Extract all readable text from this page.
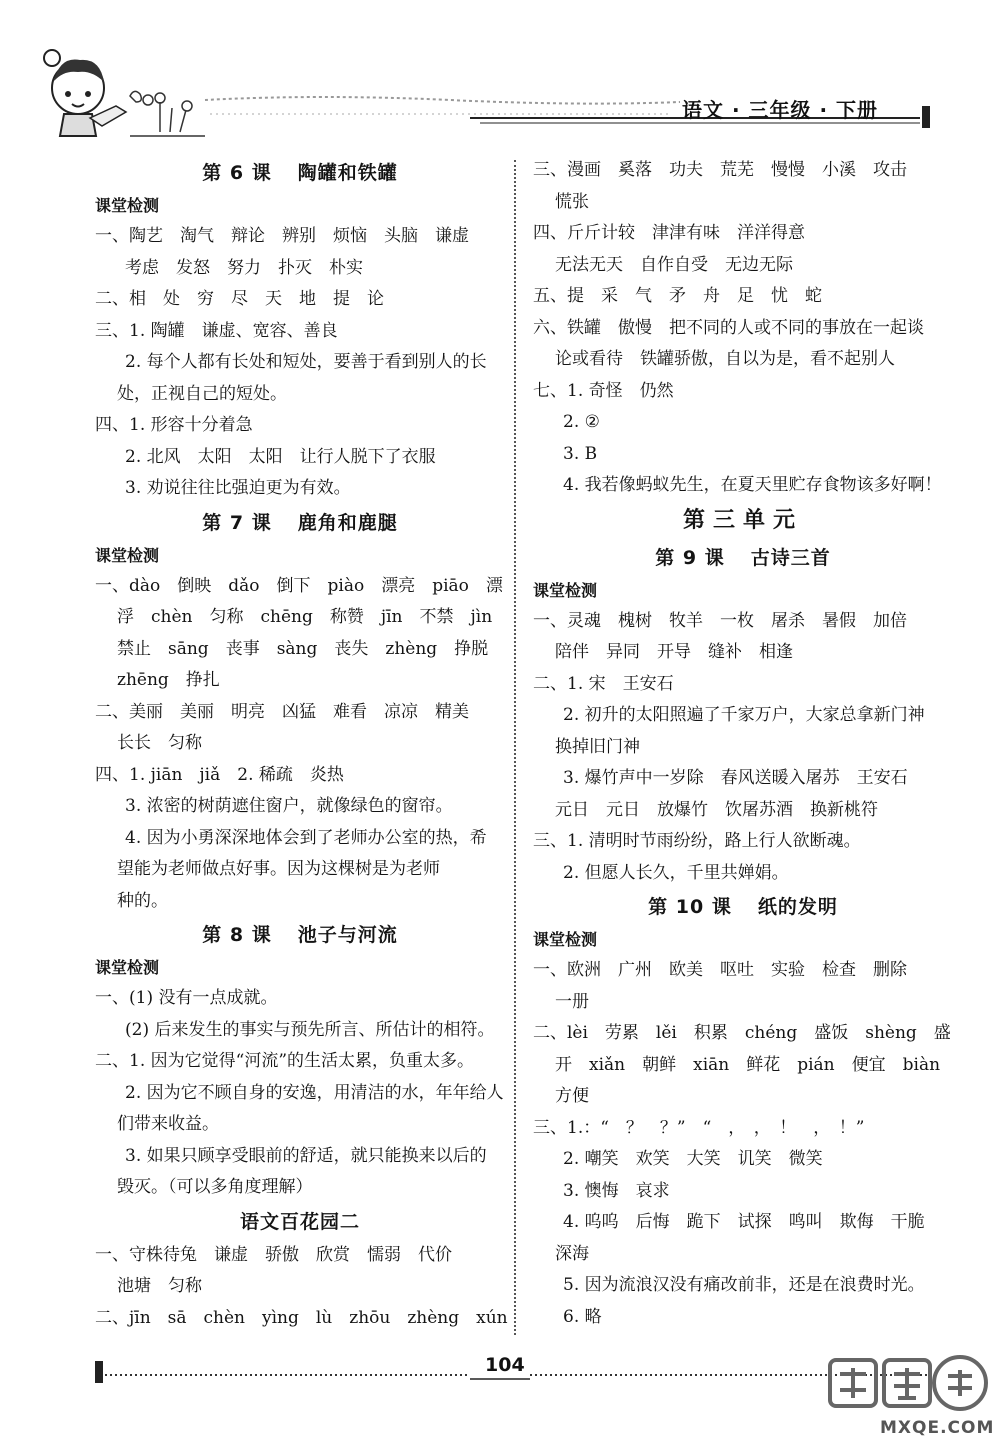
语文 · 三年级 · 下册
第 6 课 陶罐和铁罐
课堂检测
一、陶艺　淘气　辩论　辨别　烦恼　头脑　谦虚
考虑　发怒　努力　扑灭　朴实
二、相　处　穷　尽　天　地　提　论
三、1. 陶罐　谦虚、宽容、善良
2. 每个人都有长处和短处，要善于看到别人的长
处，正视自己的短处。
四、1. 形容十分着急
2. 北风　太阳　太阳　让行人脱下了衣服
3. 劝说往往比强迫更为有效。
第 7 课 鹿角和鹿腿
课堂检测
一、dào　倒映　dǎo　倒下　piào　漂亮　piāo　漂
浮　chèn　匀称　chēng　称赞　jīn　不禁　jìn
禁止　sāng　丧事　sàng　丧失　zhèng　挣脱
zhēng　挣扎
二、美丽　美丽　明亮　凶猛　难看　凉凉　精美
长长　匀称
四、1. jiān　jiǎ　2. 稀疏　炎热
3. 浓密的树荫遮住窗户，就像绿色的窗帘。
4. 因为小勇深深地体会到了老师办公室的热，希
望能为老师做点好事。因为这棵树是为老师
种的。
第 8 课 池子与河流
课堂检测
一、(1) 没有一点成就。
(2) 后来发生的事实与预先所言、所估计的相符。
二、1. 因为它觉得“河流”的生活太累，负重太多。
2. 因为它不顾自身的安逸，用清洁的水，年年给人
们带来收益。
3. 如果只顾享受眼前的舒适，就只能换来以后的
毁灭。（可以多角度理解）
语文百花园二
一、守株待兔　谦虚　骄傲　欣赏　懦弱　代价
池塘　匀称
二、jīn　sā　chèn　yìng　lù　zhōu　zhèng　xún
三、漫画　奚落　功夫　荒芜　慢慢　小溪　攻击
慌张
四、斤斤计较　津津有味　洋洋得意
无法无天　自作自受　无边无际
五、提　采　气　矛　舟　足　忧　蛇
六、铁罐　傲慢　把不同的人或不同的事放在一起谈
论或看待　铁罐骄傲，自以为是，看不起别人
七、1. 奇怪　仍然
2. ②
3. B
4. 我若像蚂蚁先生，在夏天里贮存食物该多好啊！
第三单元
第 9 课 古诗三首
课堂检测
一、灵魂　槐树　牧羊　一枚　屠杀　暑假　加倍
陪伴　异同　开导　缝补　相逢
二、1. 宋　王安石
2. 初升的太阳照遍了千家万户，大家总拿新门神
换掉旧门神
3. 爆竹声中一岁除　春风送暖入屠苏　王安石
元日　元日　放爆竹　饮屠苏酒　换新桃符
三、1. 清明时节雨纷纷，路上行人欲断魂。
2. 但愿人长久，千里共婵娟。
第 10 课 纸的发明
课堂检测
一、欧洲　广州　欧美　呕吐　实验　检查　删除
一册
二、lèi　劳累　lěi　积累　chéng　盛饭　shèng　盛
开　xiǎn　朝鲜　xiān　鲜花　pián　便宜　biàn
方便
三、1.：“　？　？”　“　，　，　！　，　！”
2. 嘲笑　欢笑　大笑　讥笑　微笑
3. 懊悔　哀求
4. 呜呜　后悔　跪下　试探　鸣叫　欺侮　干脆
深海
5. 因为流浪汉没有痛改前非，还是在浪费时光。
6. 略
104
MXQE.COM
